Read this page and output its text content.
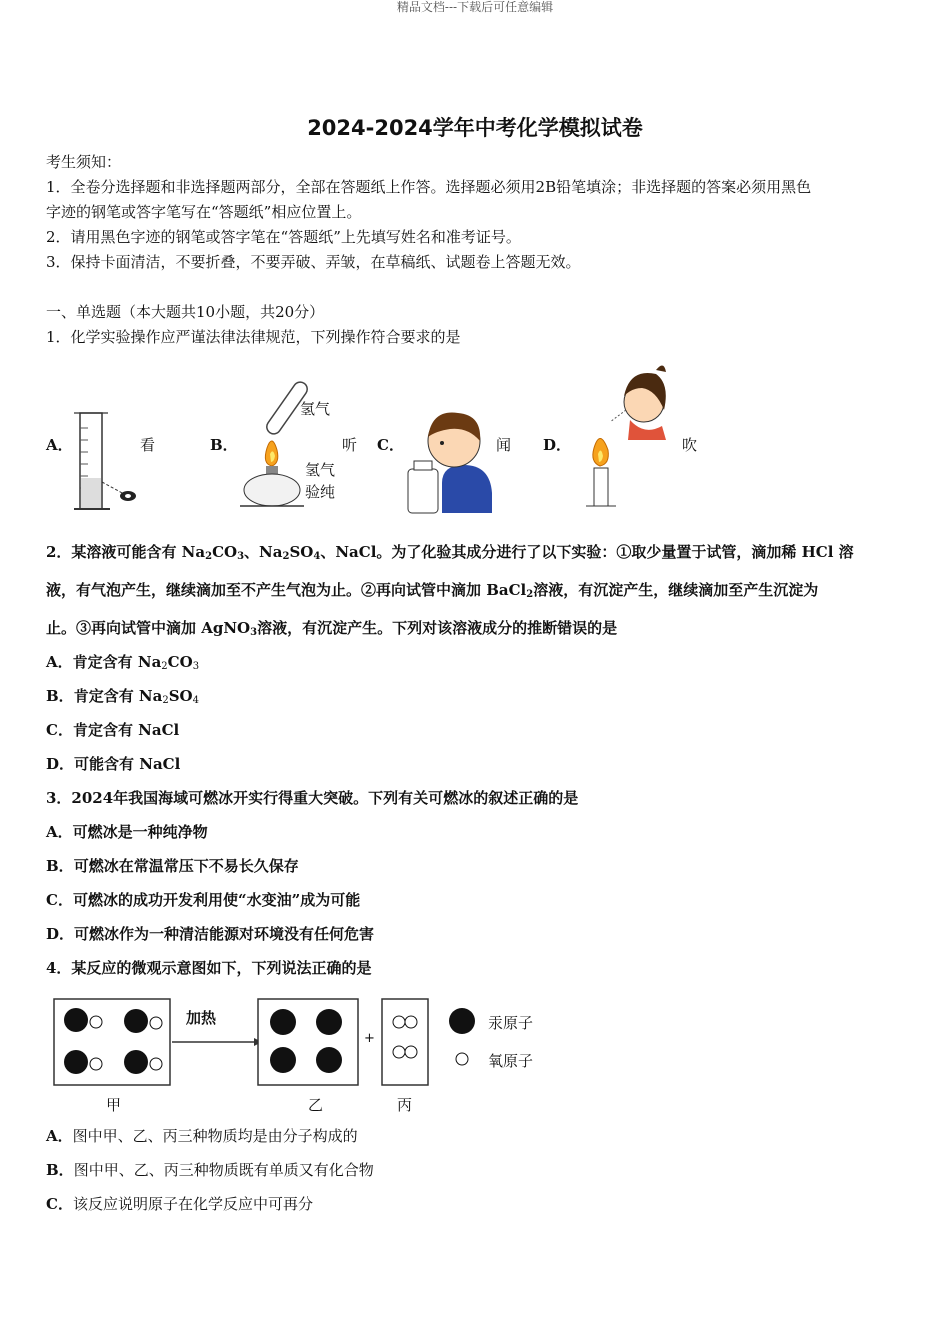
精品文档---下载后可任意编辑
2024-2024学年中考化学模拟试卷
考生须知：
1．全卷分选择题和非选择题两部分，全部在答题纸上作答。选择题必须用2B铅笔填涂；非选择题的答案必须用黑色
字迹的钢笔或答字笔写在“答题纸”相应位置上。
2．请用黑色字迹的钢笔或答字笔在“答题纸”上先填写姓名和准考证号。
3．保持卡面清洁，不要折叠，不要弄破、弄皱，在草稿纸、试题卷上答题无效。
一、单选题（本大题共10小题，共20分）
1．化学实验操作应严谨法律法律规范，下列操作符合要求的是
A．	看	B．
氢气
氢气
验纯
听 C．	闻 D．	吹
2．某溶液可能含有 $Na_2CO_3$、$Na_2SO_4$、NaCl。为了化验其成分进行了以下实验：①取少量置于试管，滴加稀 HCl 溶
液，有气泡产生，继续滴加至不产生气泡为止。②再向试管中滴加 BaCl$_2$溶液，有沉淀产生，继续滴加至产生沉淀为
止。③再向试管中滴加 AgNO$_3$溶液，有沉淀产生。下列对该溶液成分的推断错误的是
A．肯定含有 $Na_2CO_3$
B．肯定含有 $Na_2SO_4$
C．肯定含有 NaCl
D．可能含有 NaCl
3．2024年我国海域可燃冰开实行得重大突破。下列有关可燃冰的叙述正确的是
A．可燃冰是一种纯净物
B．可燃冰在常温常压下不易长久保存
C．可燃冰的成功开发利用使“水变油”成为可能
D．可燃冰作为一种清洁能源对环境没有任何危害
4．某反应的微观示意图如下，下列说法正确的是
加热
+
汞原子
氧原子
甲	乙	丙
A．图中甲、乙、丙三种物质均是由分子构成的
B．图中甲、乙、丙三种物质既有单质又有化合物
C．该反应说明原子在化学反应中可再分
